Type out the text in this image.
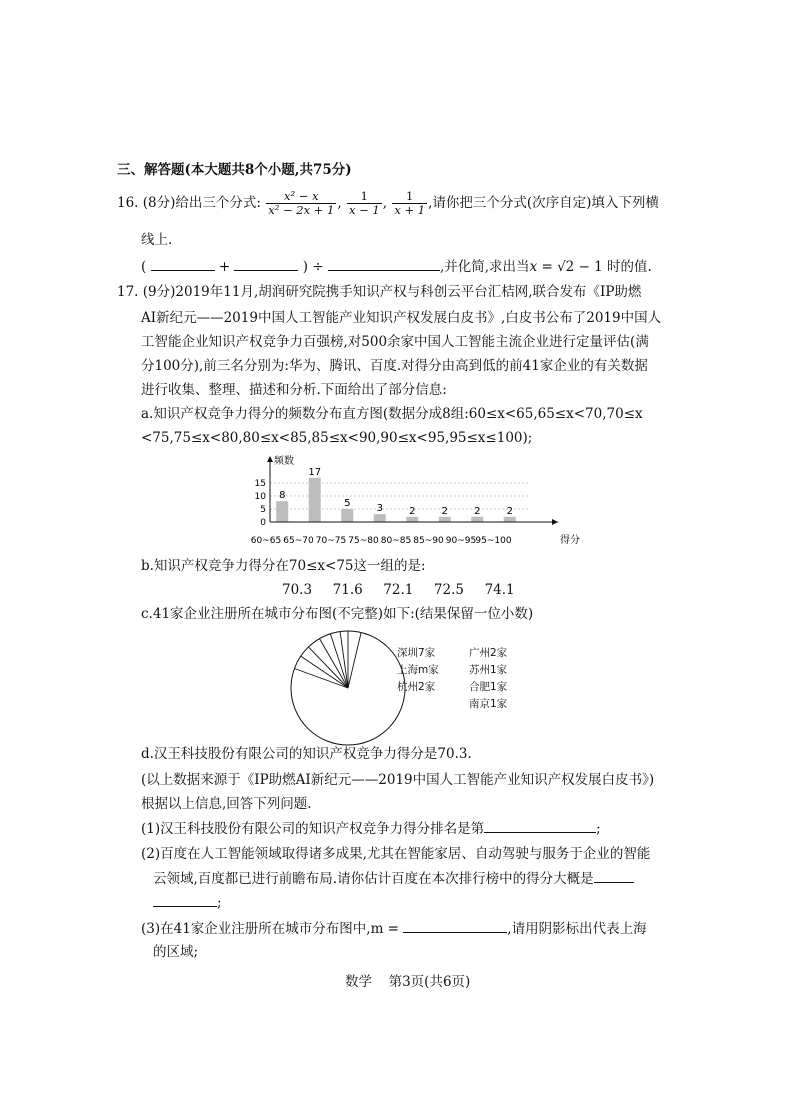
三、解答题(本大题共8个小题,共75分)
16. (8分)给出三个分式: $\frac{\text{x² − x}}{\text{x² − 2x + 1}}$ , $\frac{1}{x - 1}$ , $\frac{1}{x + 1}$ ,请你把三个分式(次序自定)填入下列横
线上.
(	+	) ÷	,并化简,求出当x = √2 − 1 时的值.
17. (9分)2019年11月,胡润研究院携手知识产权与科创云平台汇桔网,联合发布《IP助燃
AI新纪元——2019中国人工智能产业知识产权发展白皮书》,白皮书公布了2019中国人
工智能企业知识产权竞争力百强榜,对500余家中国人工智能主流企业进行定量评估(满
分100分),前三名分别为:华为、腾讯、百度.对得分由高到低的前41家企业的有关数据
进行收集、整理、描述和分析.下面给出了部分信息:
a.知识产权竞争力得分的频数分布直方图(数据分成8组:60≤x<65,65≤x<70,70≤x
<75,75≤x<80,80≤x<85,85≤x<90,90≤x<95,95≤x≤100);
0
5
10
15
频数
得分
8
60~65
17
65~70
5
70~75
3
75~80
2
80~85
2
85~90
2
90~95
2
95~100
b.知识产权竞争力得分在70≤x<75这一组的是:
70.3  71.6  72.1  72.5  74.1
c.41家企业注册所在城市分布图(不完整)如下:(结果保留一位小数)
深圳7家
上海m家
杭州2家
广州2家
苏州1家
合肥1家
南京1家
d.汉王科技股份有限公司的知识产权竞争力得分是70.3.
(以上数据来源于《IP助燃AI新纪元——2019中国人工智能产业知识产权发展白皮书》)
根据以上信息,回答下列问题.
(1)汉王科技股份有限公司的知识产权竞争力得分排名是第	;
(2)百度在人工智能领域取得诸多成果,尤其在智能家居、自动驾驶与服务于企业的智能
云领域,百度都已进行前瞻布局.请你估计百度在本次排行榜中的得分大概是
;
(3)在41家企业注册所在城市分布图中,m =	,请用阴影标出代表上海
的区域;
数学  第3页(共6页)
